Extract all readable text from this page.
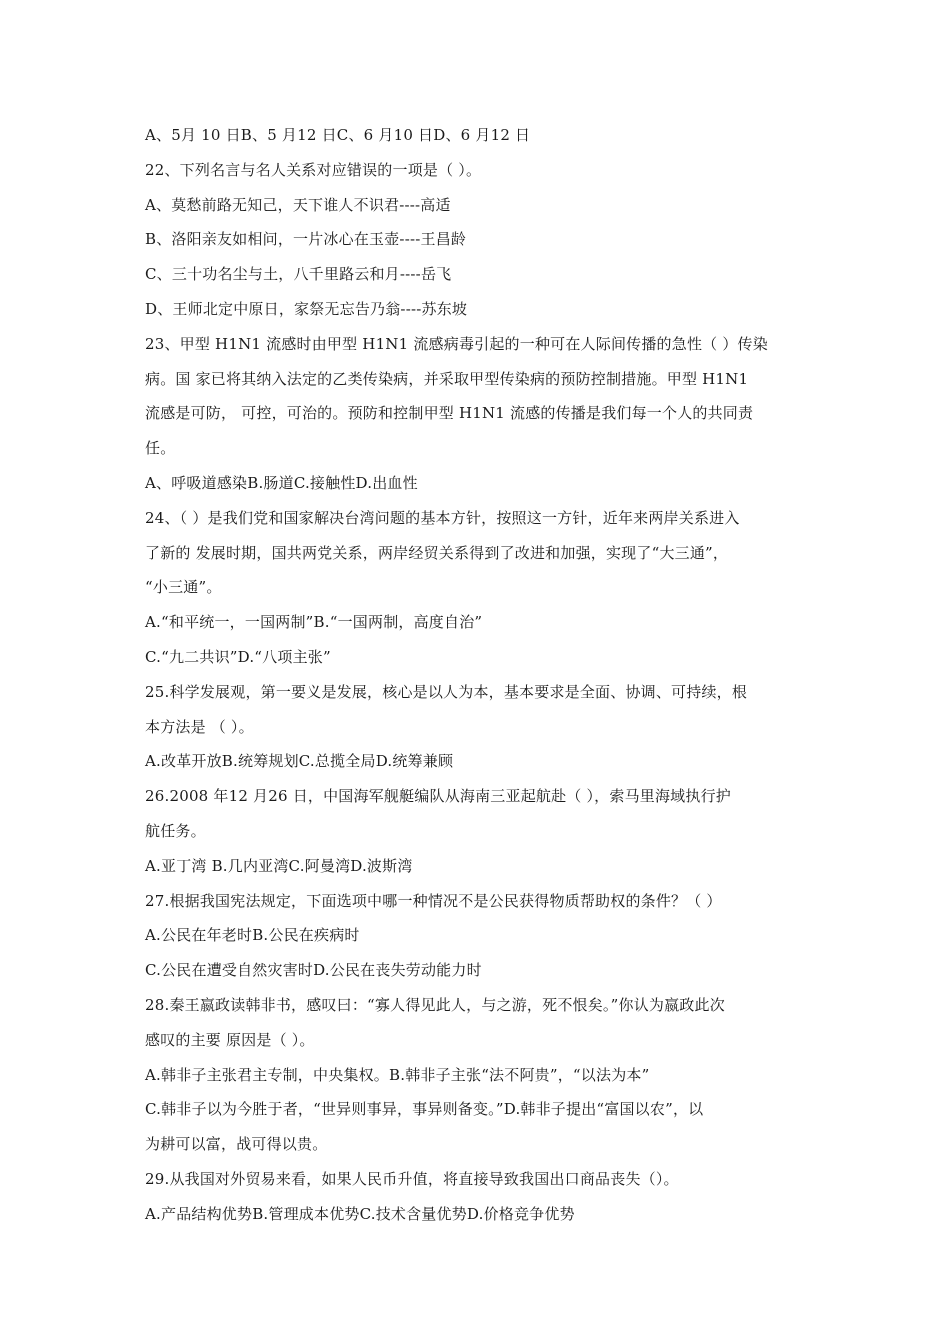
A、5月 10 日B、5 月12 日C、6 月10 日D、6 月12 日
22、下列名言与名人关系对应错误的一项是（ ）。
A、莫愁前路无知己，天下谁人不识君----高适
B、洛阳亲友如相问，一片冰心在玉壶----王昌龄
C、三十功名尘与土，八千里路云和月----岳飞
D、王师北定中原日，家祭无忘告乃翁----苏东坡
23、甲型 H1N1 流感时由甲型 H1N1 流感病毒引起的一种可在人际间传播的急性（ ）传染
病。国 家已将其纳入法定的乙类传染病，并采取甲型传染病的预防控制措施。甲型 H1N1
流感是可防， 可控，可治的。预防和控制甲型 H1N1 流感的传播是我们每一个人的共同责
任。
A、呼吸道感染B.肠道C.接触性D.出血性
24、（ ）是我们党和国家解决台湾问题的基本方针，按照这一方针，近年来两岸关系进入
了新的 发展时期，国共两党关系，两岸经贸关系得到了改进和加强，实现了“大三通”，
“小三通”。
A.“和平统一，一国两制”B.“一国两制，高度自治”
C.“九二共识”D.“八项主张”
25.科学发展观，第一要义是发展，核心是以人为本，基本要求是全面、协调、可持续，根
本方法是 （ ）。
A.改革开放B.统筹规划C.总揽全局D.统筹兼顾
26.2008 年12 月26 日，中国海军舰艇编队从海南三亚起航赴（ ），索马里海域执行护
航任务。
A.亚丁湾 B.几内亚湾C.阿曼湾D.波斯湾
27.根据我国宪法规定，下面选项中哪一种情况不是公民获得物质帮助权的条件？（ ）
A.公民在年老时B.公民在疾病时
C.公民在遭受自然灾害时D.公民在丧失劳动能力时
28.秦王嬴政读韩非书，感叹曰：“寡人得见此人，与之游，死不恨矣。”你认为嬴政此次
感叹的主要 原因是（ ）。
A.韩非子主张君主专制，中央集权。B.韩非子主张“法不阿贵”，“以法为本”
C.韩非子以为今胜于者，“世异则事异，事异则备变。”D.韩非子提出“富国以农”，以
为耕可以富，战可得以贵。
29.从我国对外贸易来看，如果人民币升值，将直接导致我国出口商品丧失（）。
A.产品结构优势B.管理成本优势C.技术含量优势D.价格竞争优势
